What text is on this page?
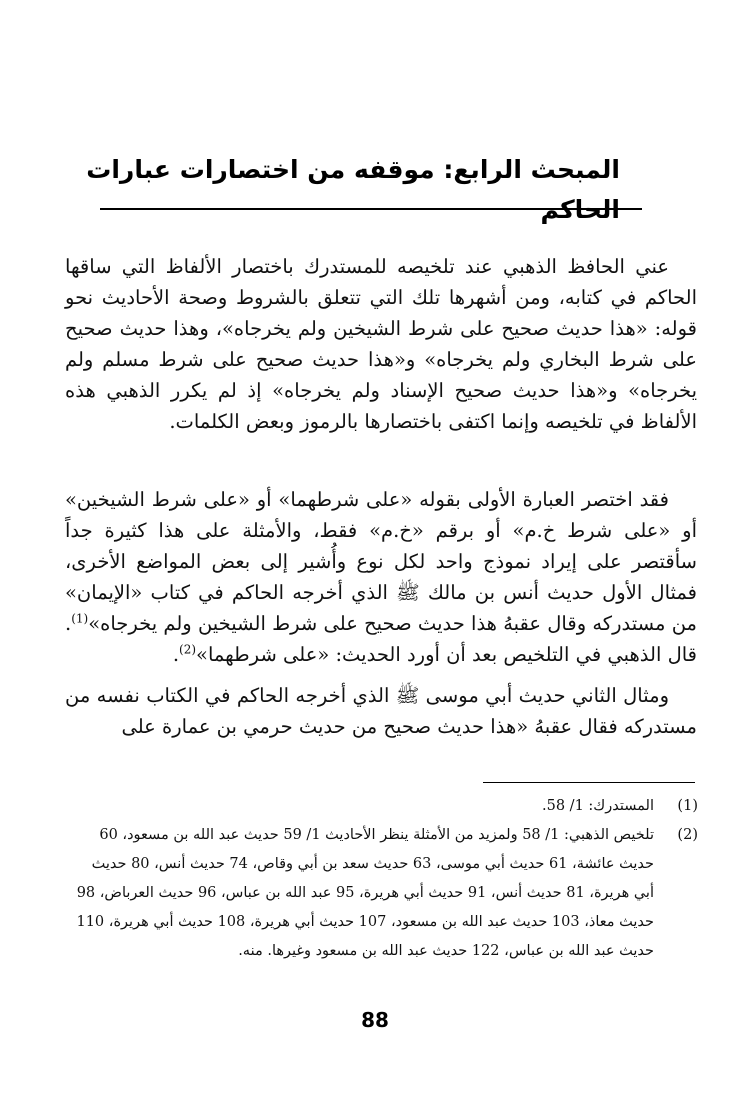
المبحث الرابع: موقفه من اختصارات عبارات الحاكم

عني الحافظ الذهبي عند تلخيصه للمستدرك باختصار الألفاظ التي ساقها الحاكم في كتابه، ومن أشهرها تلك التي تتعلق بالشروط وصحة الأحاديث نحو قوله: «هذا حديث صحيح على شرط الشيخين ولم يخرجاه»، وهذا حديث صحيح على شرط البخاري ولم يخرجاه» و«هذا حديث صحيح على شرط مسلم ولم يخرجاه» و«هذا حديث صحيح الإسناد ولم يخرجاه» إذ لم يكرر الذهبي هذه الألفاظ في تلخيصه وإنما اكتفى باختصارها بالرموز وبعض الكلمات.

فقد اختصر العبارة الأولى بقوله «على شرطهما» أو «على شرط الشيخين» أو «على شرط خ.م» أو برقم «خ.م» فقط، والأمثلة على هذا كثيرة جداً سأقتصر على إيراد نموذج واحد لكل نوع وأُشير إلى بعض المواضع الأخرى، فمثال الأول حديث أنس بن مالك ﷺ الذي أخرجه الحاكم في كتاب «الإيمان» من مستدركه وقال عقبهُ هذا حديث صحيح على شرط الشيخين ولم يخرجاه»$^{(1)}$. قال الذهبي في التلخيص بعد أن أورد الحديث: «على شرطهما»$^{(2)}$.

ومثال الثاني حديث أبي موسى ﷺ الذي أخرجه الحاكم في الكتاب نفسه من مستدركه فقال عقبهُ «هذا حديث صحيح من حديث حرمي بن عمارة على

(1)
المستدرك: 1/ 58.
(2)
تلخيص الذهبي: 1/ 58 ولمزيد من الأمثلة ينظر الأحاديث 1/ 59 حديث عبد الله بن مسعود، 60 حديث عائشة، 61 حديث أبي موسى، 63 حديث سعد بن أبي وقاص، 74 حديث أنس، 80 حديث أبي هريرة، 81 حديث أنس، 91 حديث أبي هريرة، 95 عبد الله بن عباس، 96 حديث العرباض، 98 حديث معاذ، 103 حديث عبد الله بن مسعود، 107 حديث أبي هريرة، 108 حديث أبي هريرة، 110 حديث عبد الله بن عباس، 122 حديث عبد الله بن مسعود وغيرها. منه.
88
